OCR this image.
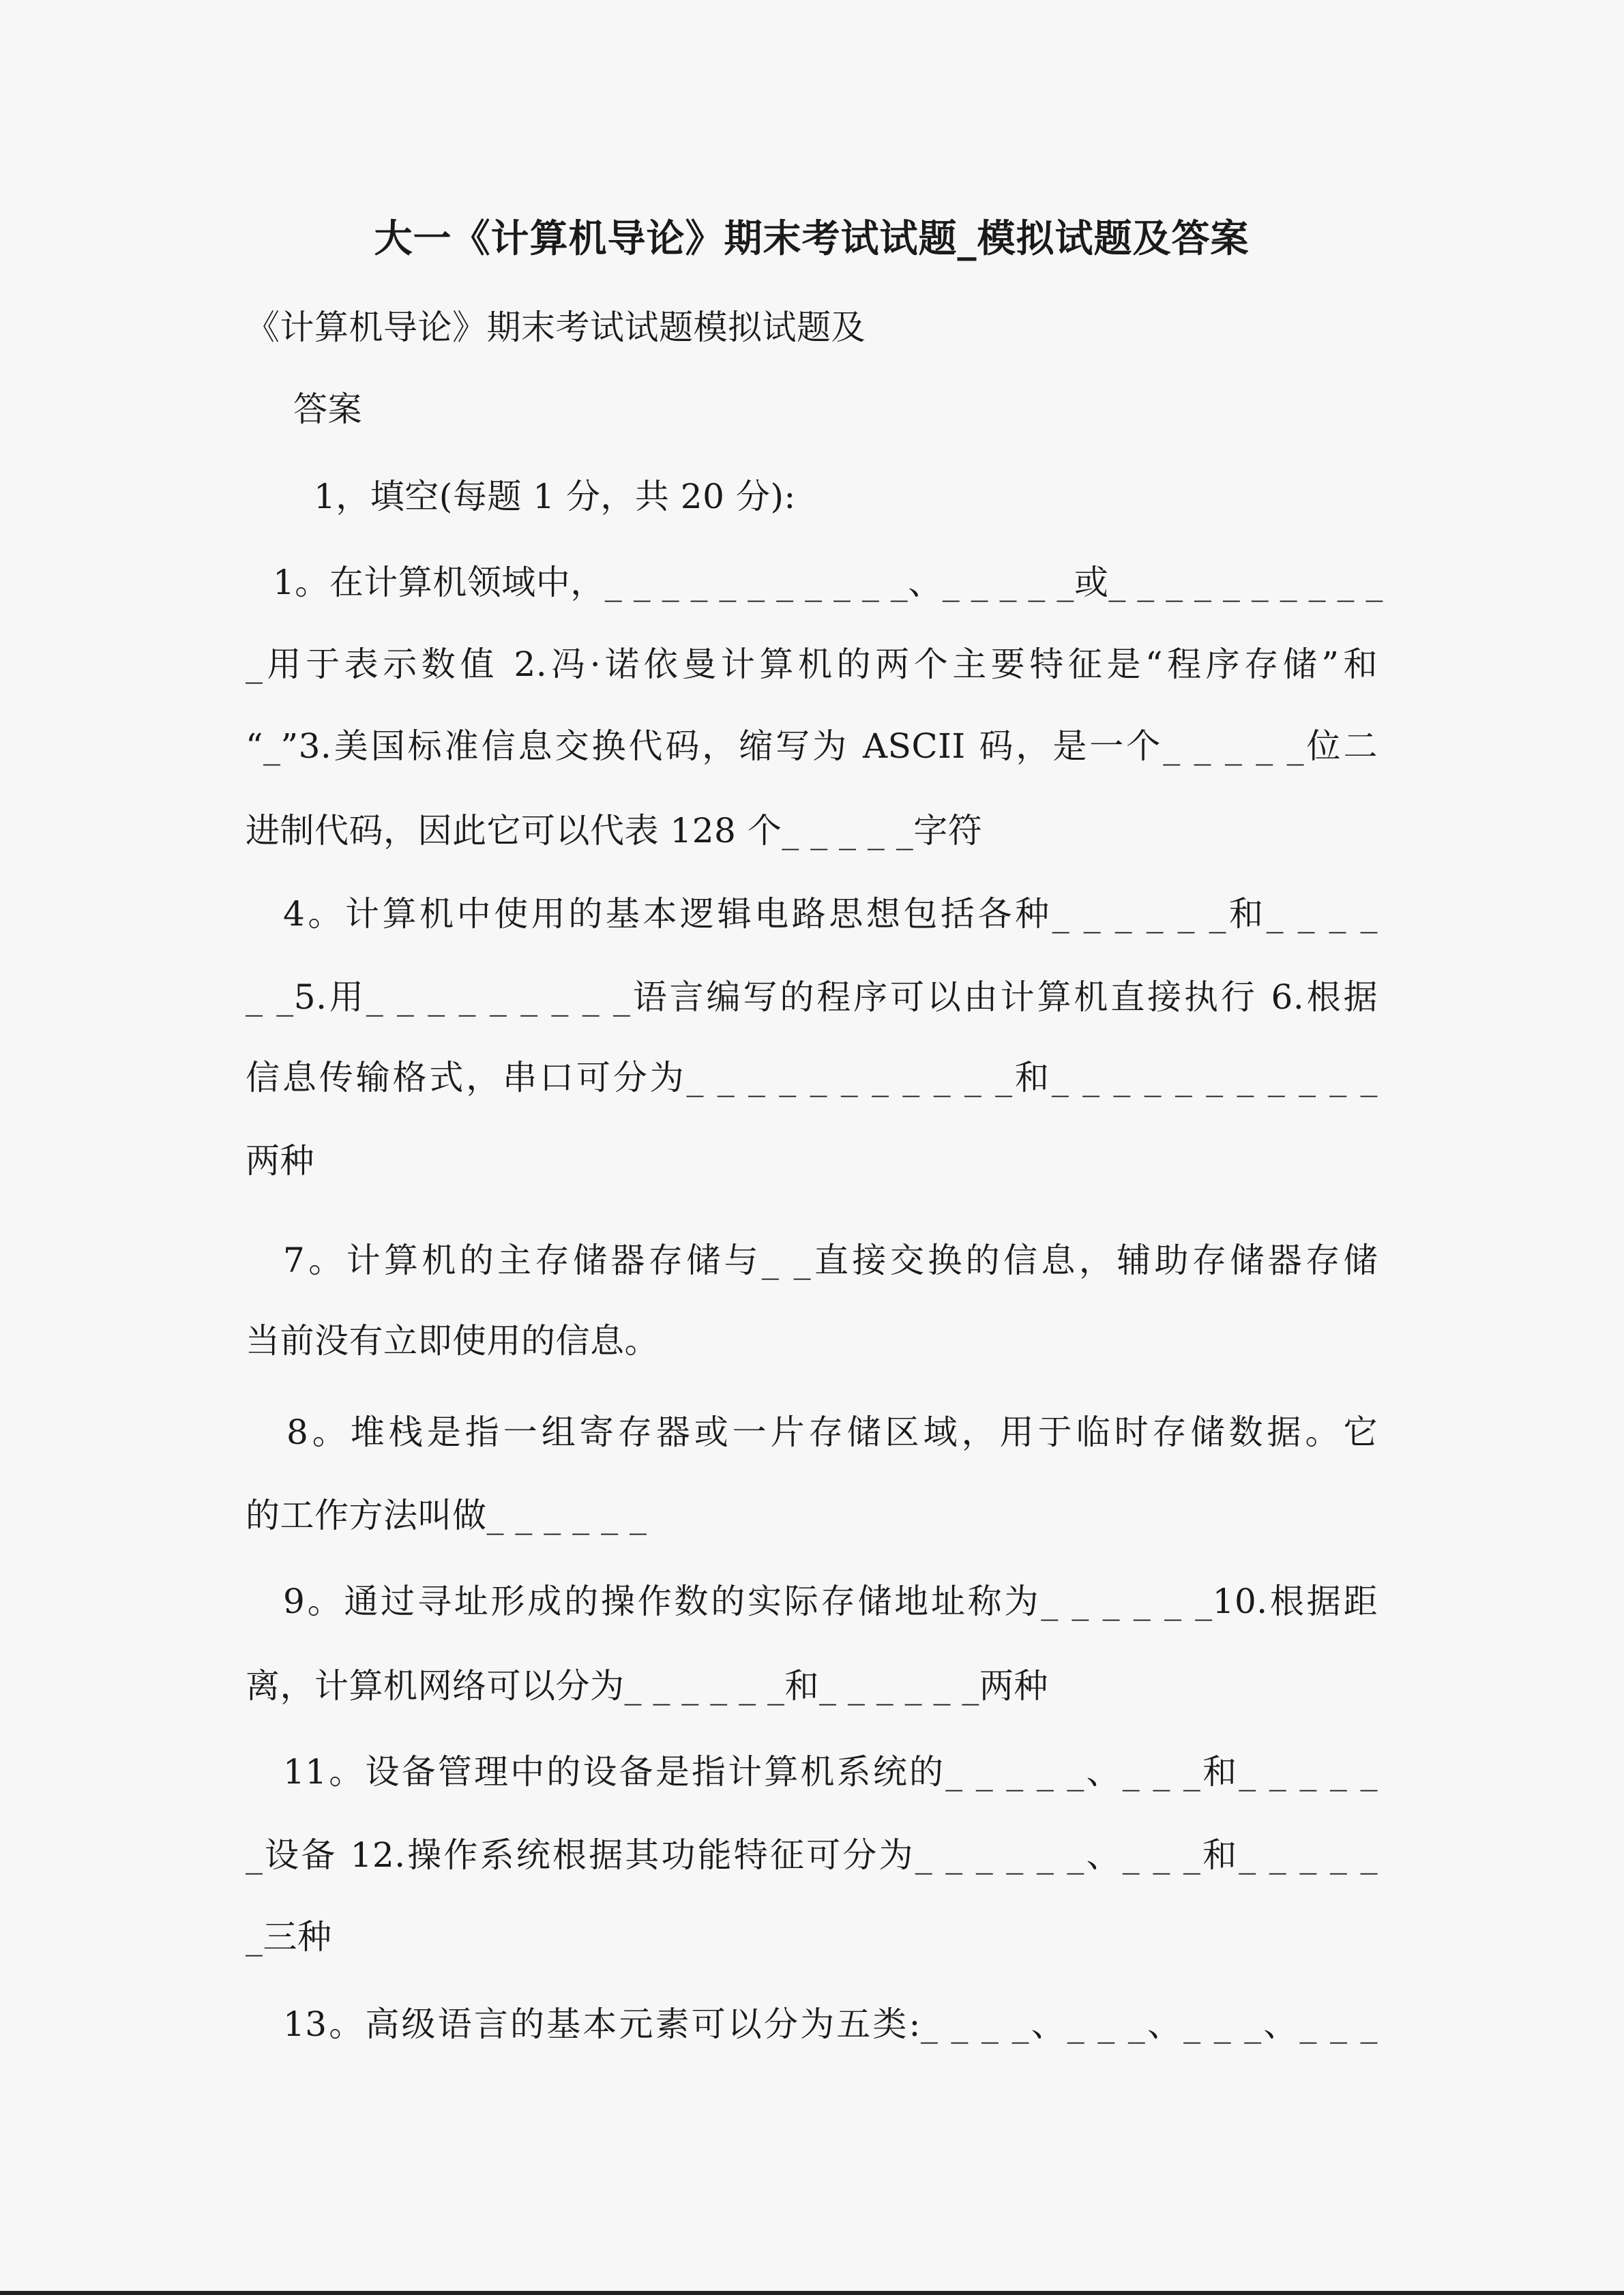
大一《计算机导论》期末考试试题_模拟试题及答案
《计算机导论》期末考试试题模拟试题及
答案
1，填空(每题 1 分，共 20 分):
1。在计算机领域中，_ _ _ _ _ _ _ _ _ _ _、_ _ _ _ _或_ _ _ _ _ _ _ _ _ _
_用于表示数值 2.冯·诺依曼计算机的两个主要特征是“程序存储”和
“_”3.美国标准信息交换代码，缩写为 ASCII 码，是一个_ _ _ _ _位二
进制代码，因此它可以代表 128 个_ _ _ _ _字符
4。计算机中使用的基本逻辑电路思想包括各种_ _ _ _ _ _和_ _ _ _
_ _5.用_ _ _ _ _ _ _ _ _语言编写的程序可以由计算机直接执行 6.根据
信息传输格式，串口可分为_ _ _ _ _ _ _ _ _ _ _和_ _ _ _ _ _ _ _ _ _ _
两种
7。计算机的主存储器存储与_ _直接交换的信息，辅助存储器存储
当前没有立即使用的信息。
8。堆栈是指一组寄存器或一片存储区域，用于临时存储数据。它
的工作方法叫做_ _ _ _ _ _
9。通过寻址形成的操作数的实际存储地址称为_ _ _ _ _ _10.根据距
离，计算机网络可以分为_ _ _ _ _ _和_ _ _ _ _ _两种
11。设备管理中的设备是指计算机系统的_ _ _ _ _、_ _ _和_ _ _ _ _
_设备 12.操作系统根据其功能特征可分为_ _ _ _ _ _、_ _ _和_ _ _ _ _
_三种
13。高级语言的基本元素可以分为五类:_ _ _ _、_ _ _、_ _ _、_ _ _
